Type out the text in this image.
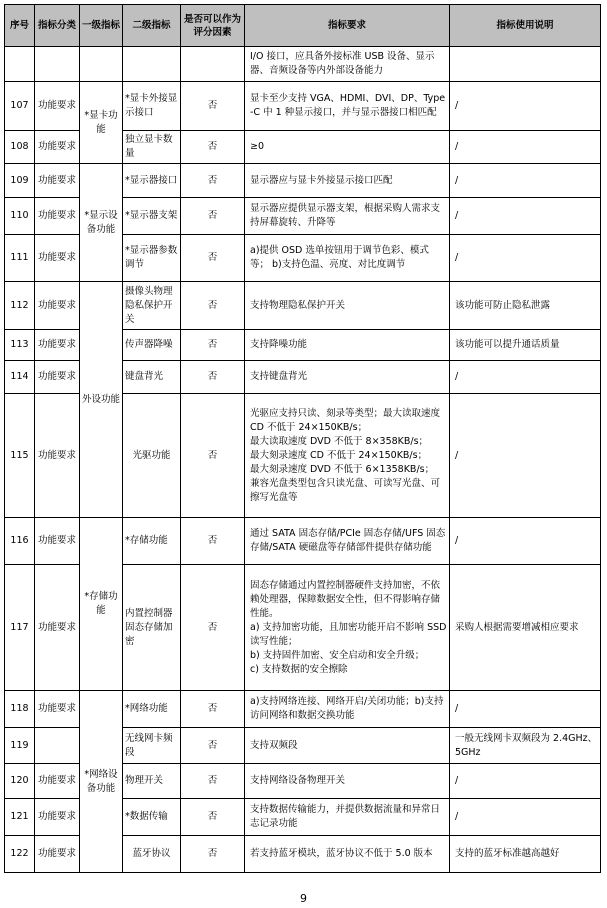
序号	指标分类	一级指标	二级指标	是否可以作为评分因素	指标要求	指标使用说明
					I/O 接口，应具备外接标准 USB 设备、显示器、音频设备等内外部设备能力	
107	功能要求	*显卡功能	*显卡外接显示接口	否	显卡至少支持 VGA、HDMI、DVI、DP、Type-C 中 1 种显示接口，并与显示器接口相匹配	/
108	功能要求		独立显卡数量	否	≥0	/
109	功能要求	*显示设备功能	*显示器接口	否	显示器应与显卡外接显示接口匹配	/
110	功能要求		*显示器支架	否	显示器应提供显示器支架，根据采购人需求支持屏幕旋转、升降等	/
111	功能要求		*显示器参数调节	否	a)提供 OSD 选单按钮用于调节色彩、模式等； b)支持色温、亮度、对比度调节	/
112	功能要求	外设功能	摄像头物理隐私保护开关	否	支持物理隐私保护开关	该功能可防止隐私泄露
113	功能要求		传声器降噪	否	支持降噪功能	该功能可以提升通话质量
114	功能要求		键盘背光	否	支持键盘背光	/
115	功能要求		光驱功能	否	光驱应支持只读、刻录等类型；最大读取速度 CD 不低于 24×150KB/s；
最大读取速度 DVD 不低于 8×358KB/s；
最大刻录速度 CD 不低于 24×150KB/s；
最大刻录速度 DVD 不低于 6×1358KB/s；
兼容光盘类型包含只读光盘、可读写光盘、可擦写光盘等	/
116	功能要求	*存储功能	*存储功能	否	通过 SATA 固态存储/PCIe 固态存储/UFS 固态存储/SATA 硬磁盘等存储部件提供存储功能	/
117	功能要求		内置控制器固态存储加密	否	固态存储通过内置控制器硬件支持加密，不依赖处理器，保障数据安全性，但不得影响存储性能。
a) 支持加密功能，且加密功能开启不影响 SSD 读写性能；
b) 支持固件加密、安全启动和安全升级；
c) 支持数据的安全擦除	采购人根据需要增减相应要求
118	功能要求	*网络设备功能	*网络功能	否	a)支持网络连接、网络开启/关闭功能；b)支持访问网络和数据交换功能	/
119			无线网卡频段	否	支持双频段	一般无线网卡双频段为 2.4GHz、5GHz
120	功能要求		物理开关	否	支持网络设备物理开关	/
121	功能要求		*数据传输	否	支持数据传输能力，并提供数据流量和异常日志记录功能	/
122	功能要求		蓝牙协议	否	若支持蓝牙模块，蓝牙协议不低于 5.0 版本	支持的蓝牙标准越高越好
9
